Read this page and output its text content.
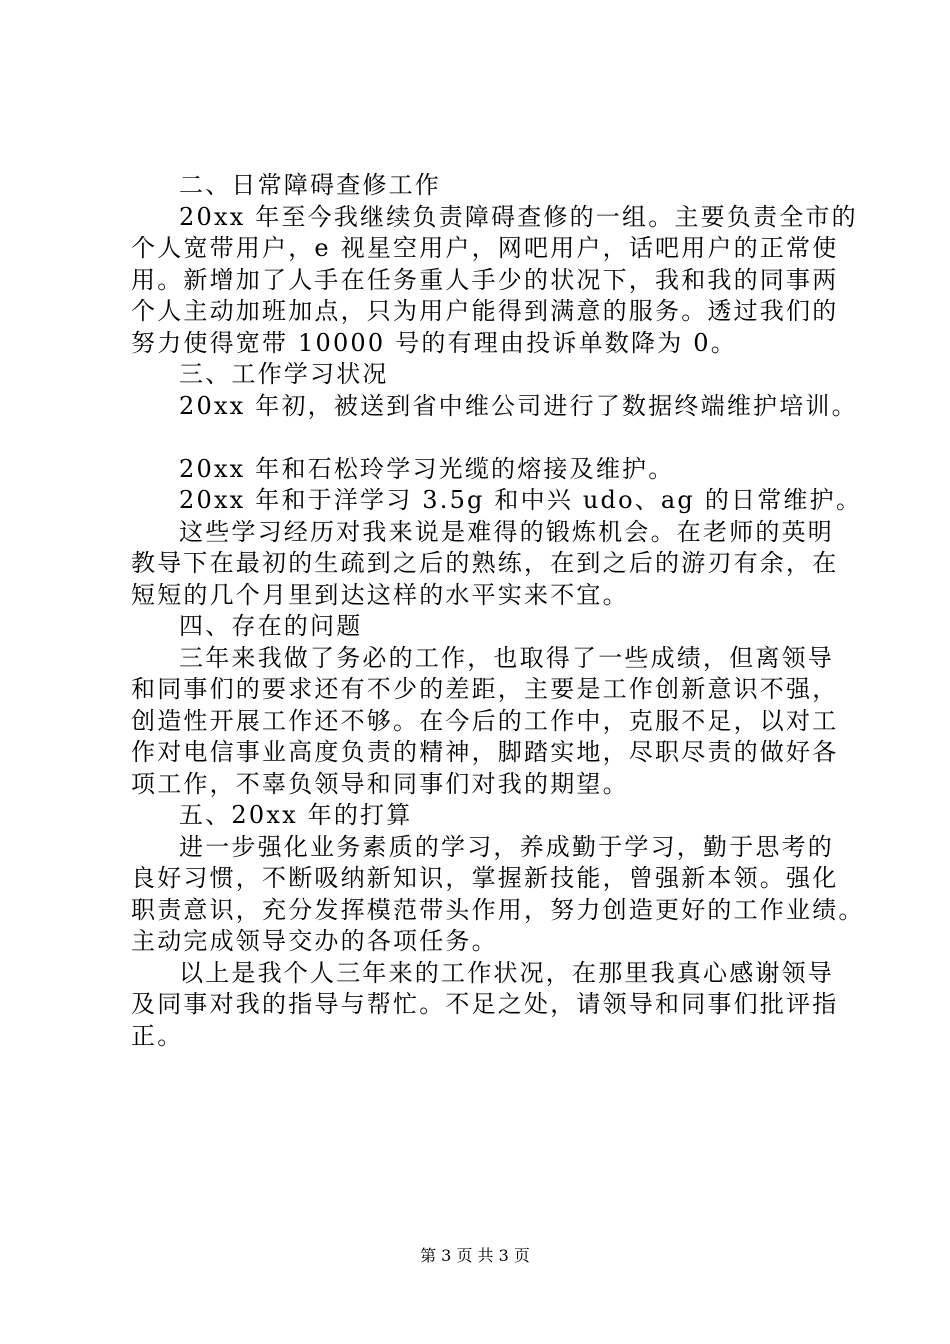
二、日常障碍查修工作
20xx 年至今我继续负责障碍查修的一组。主要负责全市的
个人宽带用户，e 视星空用户，网吧用户，话吧用户的正常使
用。新增加了人手在任务重人手少的状况下，我和我的同事两
个人主动加班加点，只为用户能得到满意的服务。透过我们的
努力使得宽带 10000 号的有理由投诉单数降为 0。
三、工作学习状况
20xx 年初，被送到省中维公司进行了数据终端维护培训。
20xx 年和石松玲学习光缆的熔接及维护。
20xx 年和于洋学习 3.5g 和中兴 udo、ag 的日常维护。
这些学习经历对我来说是难得的锻炼机会。在老师的英明
教导下在最初的生疏到之后的熟练，在到之后的游刃有余，在
短短的几个月里到达这样的水平实来不宜。
四、存在的问题
三年来我做了务必的工作，也取得了一些成绩，但离领导
和同事们的要求还有不少的差距，主要是工作创新意识不强，
创造性开展工作还不够。在今后的工作中，克服不足，以对工
作对电信事业高度负责的精神，脚踏实地，尽职尽责的做好各
项工作，不辜负领导和同事们对我的期望。
五、20xx 年的打算
进一步强化业务素质的学习，养成勤于学习，勤于思考的
良好习惯，不断吸纳新知识，掌握新技能，曾强新本领。强化
职责意识，充分发挥模范带头作用，努力创造更好的工作业绩。
主动完成领导交办的各项任务。
以上是我个人三年来的工作状况，在那里我真心感谢领导
及同事对我的指导与帮忙。不足之处，请领导和同事们批评指
正。
第 3 页 共 3 页
